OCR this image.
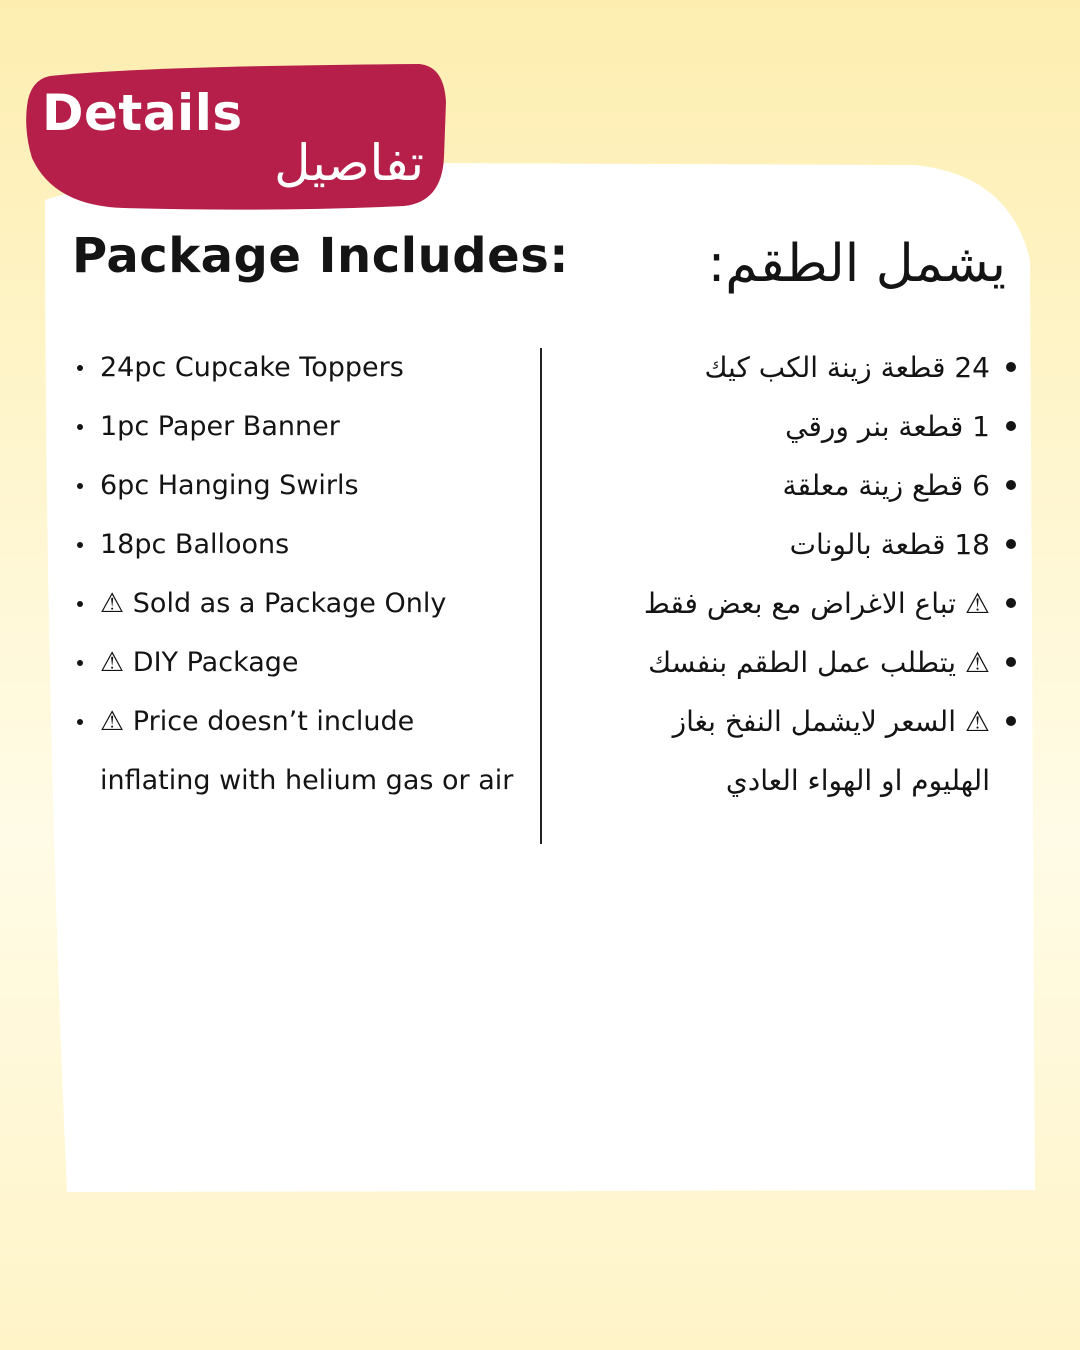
Details
تفاصيل
Package Includes:	يشمل الطقم:
24pc Cupcake Toppers
1pc Paper Banner
6pc Hanging Swirls
18pc Balloons
⚠ Sold as a Package Only
⚠ DIY Package
⚠ Price doesn’t include inflating with helium gas or air
24 قطعة زينة الكب كيك
1 قطعة بنر ورقي
6 قطع زينة معلقة
18 قطعة بالونات
⚠ تباع الاغراض مع بعض فقط
⚠ يتطلب عمل الطقم بنفسك
⚠ السعر لايشمل النفخ بغاز الهليوم او الهواء العادي
